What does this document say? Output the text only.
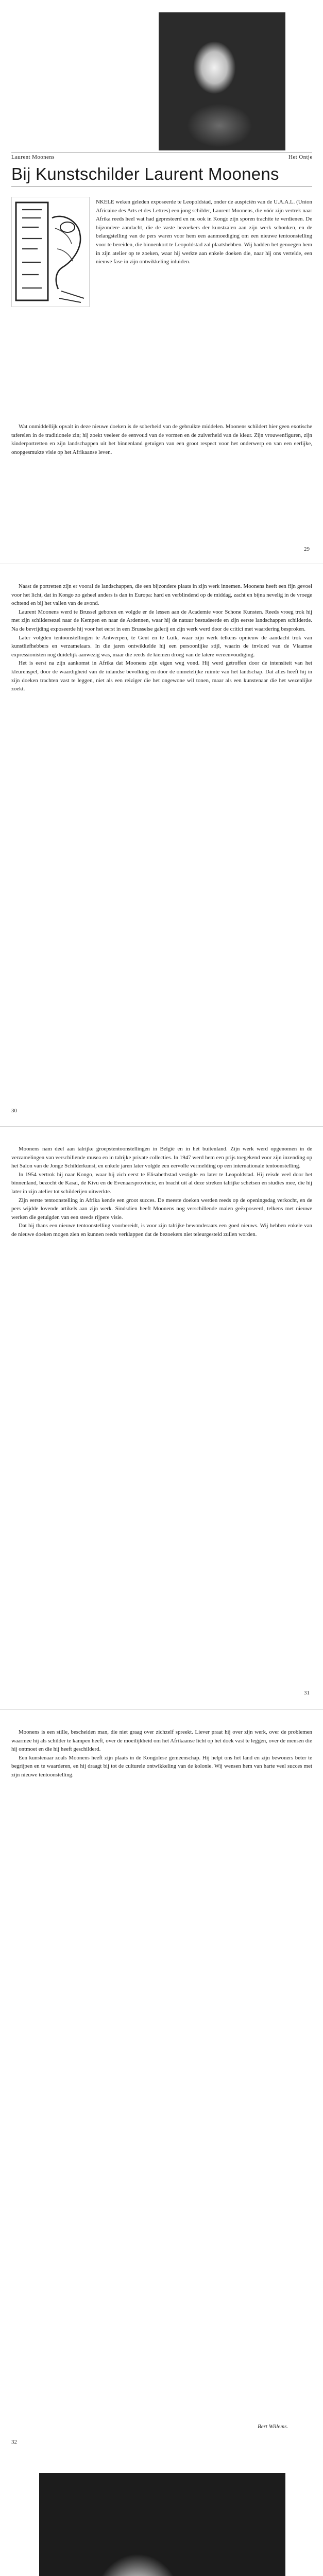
Laurent Moonens	Het Ontje
Bij Kunstschilder Laurent Moonens

NKELE weken geleden exposeerde te Leopoldstad, onder de auspiciën van de U.A.A.L. (Union Africaine des Arts et des Lettres) een jong schilder, Laurent Moonens, die vóór zijn vertrek naar Afrika reeds heel wat had gepresteerd en nu ook in Kongo zijn sporen trachtte te verdienen. De bijzondere aandacht, die de vaste bezoekers der kunstzalen aan zijn werk schonken, en de belangstelling van de pers waren voor hem een aanmoediging om een nieuwe tentoonstelling voor te bereiden, die binnenkort te Leopoldstad zal plaatshebben. Wij hadden het genoegen hem in zijn atelier op te zoeken, waar hij werkte aan enkele doeken die, naar hij ons vertelde, een nieuwe fase in zijn ontwikkeling inluiden.

Wat onmiddellijk opvalt in deze nieuwe doeken is de soberheid van de gebruikte middelen. Moonens schildert hier geen exotische taferelen in de traditionele zin; hij zoekt veeleer de eenvoud van de vormen en de zuiverheid van de kleur. Zijn vrouwenfiguren, zijn kinderportretten en zijn landschappen uit het binnenland getuigen van een groot respect voor het onderwerp en van een eerlijke, onopgesmukte visie op het Afrikaanse leven.

29

Naast de portretten zijn er vooral de landschappen, die een bijzondere plaats in zijn werk innemen. Moonens heeft een fijn gevoel voor het licht, dat in Kongo zo geheel anders is dan in Europa: hard en verblindend op de middag, zacht en bijna nevelig in de vroege ochtend en bij het vallen van de avond.

Laurent Moonens werd te Brussel geboren en volgde er de lessen aan de Academie voor Schone Kunsten. Reeds vroeg trok hij met zijn schildersezel naar de Kempen en naar de Ardennen, waar hij de natuur bestudeerde en zijn eerste landschappen schilderde. Na de bevrijding exposeerde hij voor het eerst in een Brusselse galerij en zijn werk werd door de critici met waardering besproken.

Later volgden tentoonstellingen te Antwerpen, te Gent en te Luik, waar zijn werk telkens opnieuw de aandacht trok van kunstliefhebbers en verzamelaars. In die jaren ontwikkelde hij een persoonlijke stijl, waarin de invloed van de Vlaamse expressionisten nog duidelijk aanwezig was, maar die reeds de kiemen droeg van de latere vereenvoudiging.

Het is eerst na zijn aankomst in Afrika dat Moonens zijn eigen weg vond. Hij werd getroffen door de intensiteit van het kleurenspel, door de waardigheid van de inlandse bevolking en door de onmetelijke ruimte van het landschap. Dat alles heeft hij in zijn doeken trachten vast te leggen, niet als een reiziger die het ongewone wil tonen, maar als een kunstenaar die het wezenlijke zoekt.

30

Moonens nam deel aan talrijke groepstentoonstellingen in België en in het buitenland. Zijn werk werd opgenomen in de verzamelingen van verschillende musea en in talrijke private collecties. In 1947 werd hem een prijs toegekend voor zijn inzending op het Salon van de Jonge Schilderkunst, en enkele jaren later volgde een eervolle vermelding op een internationale tentoonstelling.

In 1954 vertrok hij naar Kongo, waar hij zich eerst te Elisabethstad vestigde en later te Leopoldstad. Hij reisde veel door het binnenland, bezocht de Kasai, de Kivu en de Evenaarsprovincie, en bracht uit al deze streken talrijke schetsen en studies mee, die hij later in zijn atelier tot schilderijen uitwerkte.

Zijn eerste tentoonstelling in Afrika kende een groot succes. De meeste doeken werden reeds op de openingsdag verkocht, en de pers wijdde lovende artikels aan zijn werk. Sindsdien heeft Moonens nog verschillende malen geëxposeerd, telkens met nieuwe werken die getuigden van een steeds rijpere visie.

Dat hij thans een nieuwe tentoonstelling voorbereidt, is voor zijn talrijke bewonderaars een goed nieuws. Wij hebben enkele van de nieuwe doeken mogen zien en kunnen reeds verklappen dat de bezoekers niet teleurgesteld zullen worden.

31

Moonens is een stille, bescheiden man, die niet graag over zichzelf spreekt. Liever praat hij over zijn werk, over de problemen waarmee hij als schilder te kampen heeft, over de moeilijkheid om het Afrikaanse licht op het doek vast te leggen, over de mensen die hij ontmoet en die hij heeft geschilderd.

Een kunstenaar zoals Moonens heeft zijn plaats in de Kongolese gemeenschap. Hij helpt ons het land en zijn bewoners beter te begrijpen en te waarderen, en hij draagt bij tot de culturele ontwikkeling van de kolonie. Wij wensen hem van harte veel succes met zijn nieuwe tentoonstelling.

Bert Willems.
32
